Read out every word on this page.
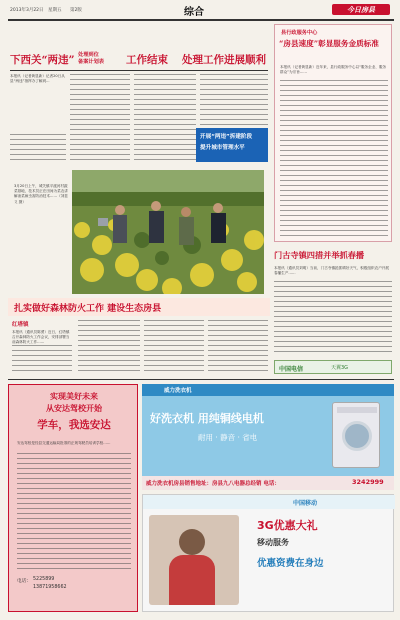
2013年3月22日 星期五 第2版	综合	今日房县
下西关“两违” 处理到位
备案计划表 工作结束 处理工作进展顺利
本报讯（记者黄显新）记者20日从县“两违”指挥办了解到...
开展“两违”拆建阶段
提升城市管理水平
3月20日上午，城关镇平渡河村蔬菜基地，技术员正在田间为菜农讲解油菜病虫害防治技术……（刘显义 摄）
县行政服务中心
“房县速度”彰显服务金质标准
本报讯（记者黄显新）近年来，县行政服务中心以“服务企业、服务群众”为宗旨……
门古寺镇四措并举抓春播
本报讯（通讯员刘明）当前，门古寺镇抢抓晴好天气，积极组织农户开展春播生产……
中国电信	天翼3G
扎实做好森林防火工作 建设生态房县
红塔镇
本报讯（通讯员陈勇）近日，红塔镇召开森林防火工作会议，安排部署当前森林防火工作……
实现美好未来
从安达驾校开始
学车，我选安达
安达驾校是经县交通运输局批准的正规驾驶员培训学校……
电话： 5225899
13871958662
威力洗衣机
好洗衣机 用纯铜线电机
耐用 · 静音 · 省电
威力洗衣机房县销售地址：房县九八电器总经销 电话：	3242999
中国移动
3G优惠大礼
移动服务
优惠资费在身边
